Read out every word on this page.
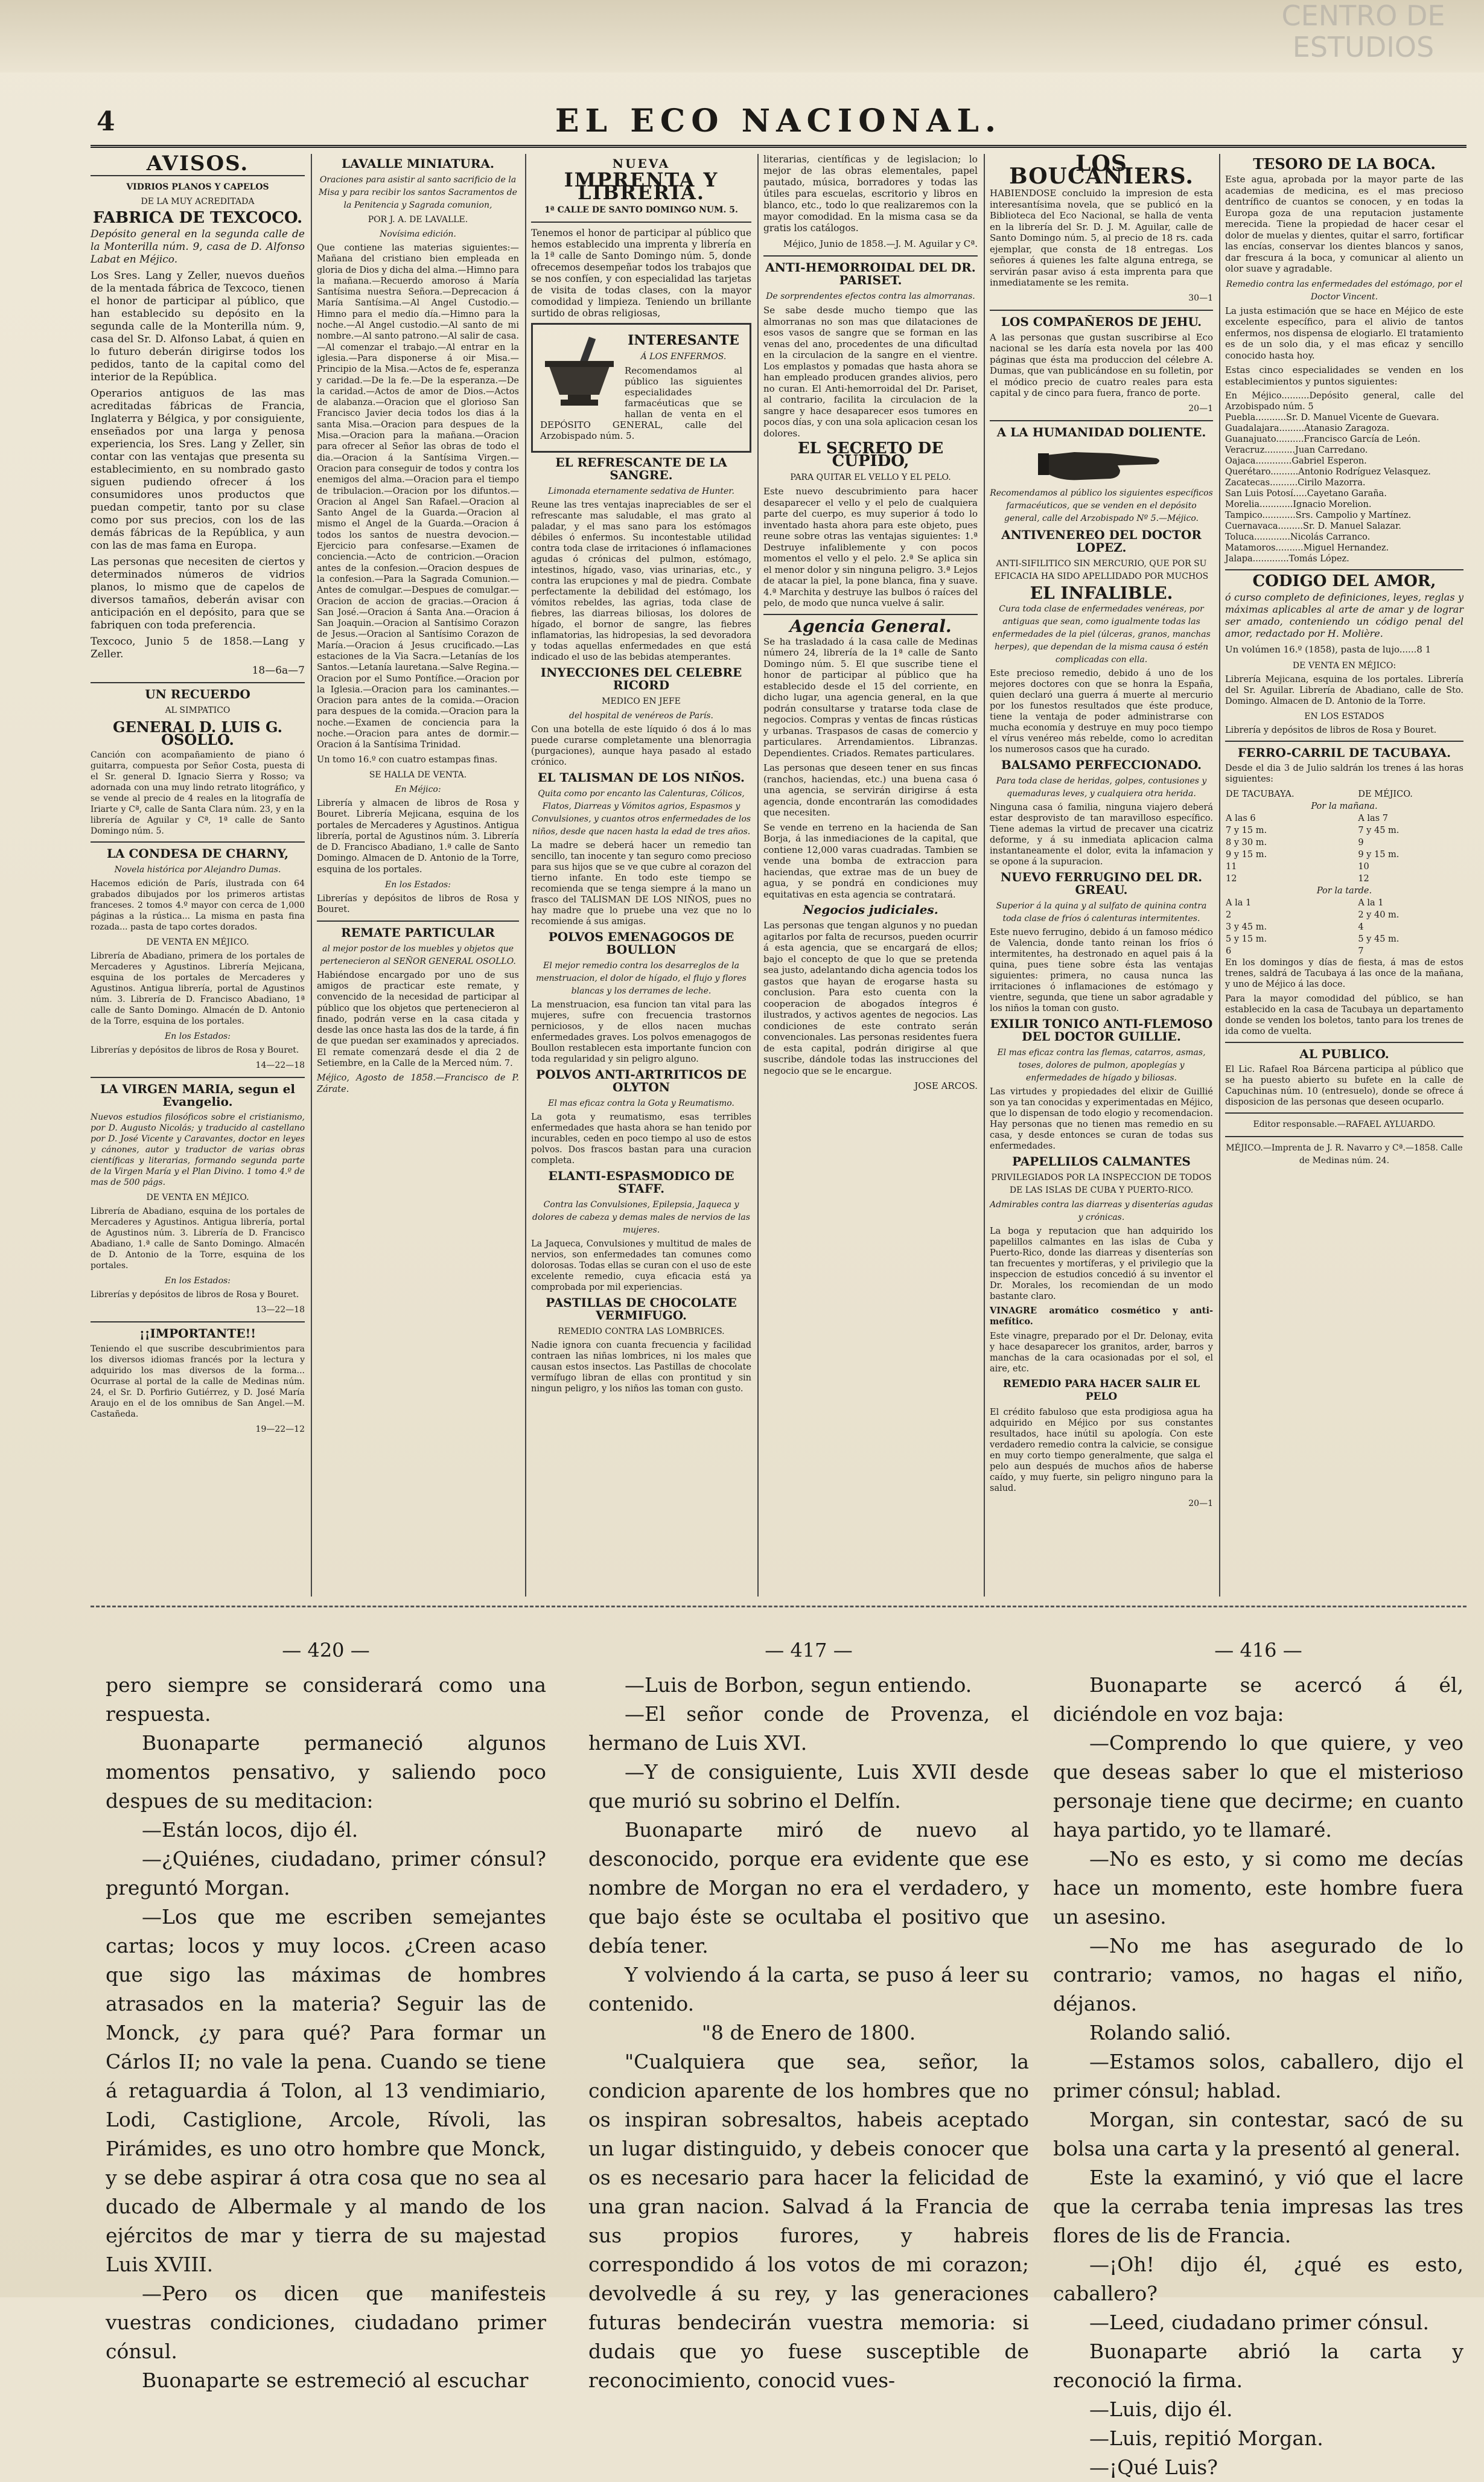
CENTRO DE
ESTUDIOS
4	EL ECO NACIONAL.
AVISOS.
VIDRIOS PLANOS Y CAPELOS
DE LA MUY ACREDITADA
FABRICA DE TEXCOCO.

Depósito general en la segunda calle de la Monterilla núm. 9, casa de D. Alfonso Labat en Méjico.

Los Sres. Lang y Zeller, nuevos dueños de la mentada fábrica de Texcoco, tienen el honor de participar al público, que han establecido su depósito en la segunda calle de la Monterilla núm. 9, casa del Sr. D. Alfonso Labat, á quien en lo futuro deberán dirigirse todos los pedidos, tanto de la capital como del interior de la República.

Operarios antiguos de las mas acreditadas fábricas de Francia, Inglaterra y Bélgica, y por consiguiente, enseñados por una larga y penosa experiencia, los Sres. Lang y Zeller, sin contar con las ventajas que presenta su establecimiento, en su nombrado gasto siguen pudiendo ofrecer á los consumidores unos productos que puedan competir, tanto por su clase como por sus precios, con los de las demás fábricas de la República, y aun con las de mas fama en Europa.

Las personas que necesiten de ciertos y determinados números de vidrios planos, lo mismo que de capelos de diversos tamaños, deberán avisar con anticipación en el depósito, para que se fabriquen con toda preferencia.

Texcoco, Junio 5 de 1858.—Lang y Zeller.

18—6a—7
UN RECUERDO
AL SIMPATICO
GENERAL D. LUIS G. OSOLLO.

Canción con acompañamiento de piano ó guitarra, compuesta por Señor Costa, puesta di el Sr. general D. Ignacio Sierra y Rosso; va adornada con una muy lindo retrato litográfico, y se vende al precio de 4 reales en la litografía de Iriarte y Cª, calle de Santa Clara núm. 23, y en la librería de Aguilar y Cª, 1ª calle de Santo Domingo núm. 5.

LA CONDESA DE CHARNY,
Novela histórica por Alejandro Dumas.

Hacemos edición de París, ilustrada con 64 grabados dibujados por los primeros artistas franceses. 2 tomos 4.º mayor con cerca de 1,000 páginas a la rústica... La misma en pasta fina rozada... pasta de tapo cortes dorados.

DE VENTA EN MÉJICO.

Librería de Abadiano, primera de los portales de Mercaderes y Agustinos. Librería Mejicana, esquina de los portales de Mercaderes y Agustinos. Antigua librería, portal de Agustinos núm. 3. Librería de D. Francisco Abadiano, 1ª calle de Santo Domingo. Almacén de D. Antonio de la Torre, esquina de los portales.

En los Estados:

Librerías y depósitos de libros de Rosa y Bouret.

14—22—18
LA VIRGEN MARIA, segun el Evangelio.

Nuevos estudios filosóficos sobre el cristianismo, por D. Augusto Nicolás; y traducido al castellano por D. José Vicente y Caravantes, doctor en leyes y cánones, autor y traductor de varias obras científicas y literarias, formando segunda parte de la Virgen María y el Plan Divino. 1 tomo 4.º de mas de 500 págs.

DE VENTA EN MÉJICO.

Librería de Abadiano, esquina de los portales de Mercaderes y Agustinos. Antigua librería, portal de Agustinos núm. 3. Librería de D. Francisco Abadiano, 1.ª calle de Santo Domingo. Almacén de D. Antonio de la Torre, esquina de los portales.

En los Estados:

Librerías y depósitos de libros de Rosa y Bouret.

13—22—18
¡¡IMPORTANTE!!

Teniendo el que suscribe descubrimientos para los diversos idiomas francés por la lectura y adquirido los mas diversos de la forma... Ocurrase al portal de la calle de Medinas núm. 24, el Sr. D. Porfirio Gutiérrez, y D. José María Araujo en el de los omnibus de San Angel.—M. Castañeda.

19—22—12
LAVALLE MINIATURA.
Oraciones para asistir al santo sacrificio de la Misa y para recibir los santos Sacramentos de la Penitencia y Sagrada comunion,
POR J. A. DE LAVALLE.
Novísima edición.

Que contiene las materias siguientes:—Mañana del cristiano bien empleada en gloria de Dios y dicha del alma.—Himno para la mañana.—Recuerdo amoroso á María Santísima nuestra Señora.—Deprecacion á María Santísima.—Al Angel Custodio.—Himno para el medio día.—Himno para la noche.—Al Angel custodio.—Al santo de mi nombre.—Al santo patrono.—Al salir de casa.—Al comenzar el trabajo.—Al entrar en la iglesia.—Para disponerse á oir Misa.—Principio de la Misa.—Actos de fe, esperanza y caridad.—De la fe.—De la esperanza.—De la caridad.—Actos de amor de Dios.—Actos de alabanza.—Oracion que el glorioso San Francisco Javier decia todos los dias á la santa Misa.—Oracion para despues de la Misa.—Oracion para la mañana.—Oracion para ofrecer al Señor las obras de todo el dia.—Oracion á la Santísima Virgen.—Oracion para conseguir de todos y contra los enemigos del alma.—Oracion para el tiempo de tribulacion.—Oracion por los difuntos.—Oracion al Angel San Rafael.—Oracion al Santo Angel de la Guarda.—Oracion al mismo el Angel de la Guarda.—Oracion á todos los santos de nuestra devocion.—Ejercicio para confesarse.—Examen de conciencia.—Acto de contricion.—Oracion antes de la confesion.—Oracion despues de la confesion.—Para la Sagrada Comunion.—Antes de comulgar.—Despues de comulgar.—Oracion de accion de gracias.—Oracion á San José.—Oracion á Santa Ana.—Oracion á San Joaquin.—Oracion al Santísimo Corazon de Jesus.—Oracion al Santísimo Corazon de María.—Oracion á Jesus crucificado.—Las estaciones de la Via Sacra.—Letanías de los Santos.—Letanía lauretana.—Salve Regina.—Oracion por el Sumo Pontífice.—Oracion por la Iglesia.—Oracion para los caminantes.—Oracion para antes de la comida.—Oracion para despues de la comida.—Oracion para la noche.—Examen de conciencia para la noche.—Oracion para antes de dormir.—Oracion á la Santísima Trinidad.

Un tomo 16.º con cuatro estampas finas.

SE HALLA DE VENTA.
En Méjico:

Librería y almacen de libros de Rosa y Bouret. Librería Mejicana, esquina de los portales de Mercaderes y Agustinos. Antigua librería, portal de Agustinos núm. 3. Librería de D. Francisco Abadiano, 1.ª calle de Santo Domingo. Almacen de D. Antonio de la Torre, esquina de los portales.

En los Estados:

Librerías y depósitos de libros de Rosa y Bouret.

REMATE PARTICULAR
al mejor postor de los muebles y objetos que pertenecieron al SEÑOR GENERAL OSOLLO.

Habiéndose encargado por uno de sus amigos de practicar este remate, y convencido de la necesidad de participar al público que los objetos que pertenecieron al finado, podrán verse en la casa citada y desde las once hasta las dos de la tarde, á fin de que puedan ser examinados y apreciados. El remate comenzará desde el dia 2 de Setiembre, en la Calle de la Merced núm. 7.

Méjico, Agosto de 1858.—Francisco de P. Zárate.

NUEVA
IMPRENTA Y LIBRERIA.
1ª CALLE DE SANTO DOMINGO NUM. 5.

Tenemos el honor de participar al público que hemos establecido una imprenta y librería en la 1ª calle de Santo Domingo núm. 5, donde ofrecemos desempeñar todos los trabajos que se nos confíen, y con especialidad las tarjetas de visita de todas clases, con la mayor comodidad y limpieza. Teniendo un brillante surtido de obras religiosas,

INTERESANTE
Á LOS ENFERMOS.

Recomendamos al público las siguientes especialidades farmacéuticas que se hallan de venta en el DEPÓSITO GENERAL, calle del Arzobispado núm. 5.

EL REFRESCANTE DE LA SANGRE.
Limonada eternamente sedativa de Hunter.

Reune las tres ventajas inapreciables de ser el refrescante mas saludable, el mas grato al paladar, y el mas sano para los estómagos débiles ó enfermos. Su incontestable utilidad contra toda clase de irritaciones ó inflamaciones agudas ó crónicas del pulmon, estómago, intestinos, hígado, vaso, vias urinarias, etc., y contra las erupciones y mal de piedra. Combate perfectamente la debilidad del estómago, los vómitos rebeldes, las agrias, toda clase de fiebres, las diarreas biliosas, los dolores de hígado, el bornor de sangre, las fiebres inflamatorias, las hidropesias, la sed devoradora y todas aquellas enfermedades en que está indicado el uso de las bebidas atemperantes.

INYECCIONES DEL CELEBRE RICORD
MEDICO EN JEFE
del hospital de venéreos de París.

Con una botella de este líquido ó dos á lo mas puede curarse completamente una blenorragia (purgaciones), aunque haya pasado al estado crónico.

EL TALISMAN DE LOS NIÑOS.
Quita como por encanto las Calenturas, Cólicos, Flatos, Diarreas y Vómitos agrios, Espasmos y Convulsiones, y cuantos otros enfermedades de los niños, desde que nacen hasta la edad de tres años.

La madre se deberá hacer un remedio tan sencillo, tan inocente y tan seguro como precioso para sus hijos que se ve que cubre al corazon del tierno infante. En todo este tiempo se recomienda que se tenga siempre á la mano un frasco del TALISMAN DE LOS NIÑOS, pues no hay madre que lo pruebe una vez que no lo recomiende á sus amigas.

POLVOS EMENAGOGOS DE BOULLON
El mejor remedio contra los desarreglos de la menstruacion, el dolor de hígado, el flujo y flores blancas y los derrames de leche.

La menstruacion, esa funcion tan vital para las mujeres, sufre con frecuencia trastornos perniciosos, y de ellos nacen muchas enfermedades graves. Los polvos emenagogos de Boullon restablecen esta importante funcion con toda regularidad y sin peligro alguno.

POLVOS ANTI-ARTRITICOS DE OLYTON
El mas eficaz contra la Gota y Reumatismo.

La gota y reumatismo, esas terribles enfermedades que hasta ahora se han tenido por incurables, ceden en poco tiempo al uso de estos polvos. Dos frascos bastan para una curacion completa.

ELANTI-ESPASMODICO DE STAFF.
Contra las Convulsiones, Epilepsia, Jaqueca y dolores de cabeza y demas males de nervios de las mujeres.

La Jaqueca, Convulsiones y multitud de males de nervios, son enfermedades tan comunes como dolorosas. Todas ellas se curan con el uso de este excelente remedio, cuya eficacia está ya comprobada por mil experiencias.

PASTILLAS DE CHOCOLATE VERMIFUGO.
REMEDIO CONTRA LAS LOMBRICES.

Nadie ignora con cuanta frecuencia y facilidad contraen las niñas lombrices, ni los males que causan estos insectos. Las Pastillas de chocolate vermífugo libran de ellas con prontitud y sin ningun peligro, y los niños las toman con gusto.

literarias, científicas y de legislacion; lo mejor de las obras elementales, papel pautado, música, borradores y todas las útiles para escuelas, escritorio y libros en blanco, etc., todo lo que realizaremos con la mayor comodidad. En la misma casa se da gratis los catálogos.

Méjico, Junio de 1858.—J. M. Aguilar y Cª.

ANTI-HEMORROIDAL DEL DR. PARISET.
De sorprendentes efectos contra las almorranas.

Se sabe desde mucho tiempo que las almorranas no son mas que dilataciones de esos vasos de sangre que se forman en las venas del ano, procedentes de una dificultad en la circulacion de la sangre en el vientre. Los emplastos y pomadas que hasta ahora se han empleado producen grandes alivios, pero no curan. El Anti-hemorroidal del Dr. Pariset, al contrario, facilita la circulacion de la sangre y hace desaparecer esos tumores en pocos días, y con una sola aplicacion cesan los dolores.

EL SECRETO DE CUPIDO,
PARA QUITAR EL VELLO Y EL PELO.

Este nuevo descubrimiento para hacer desaparecer el vello y el pelo de cualquiera parte del cuerpo, es muy superior á todo lo inventado hasta ahora para este objeto, pues reune sobre otras las ventajas siguientes: 1.ª Destruye infaliblemente y con pocos momentos el vello y el pelo. 2.ª Se aplica sin el menor dolor y sin ninguna peligro. 3.ª Lejos de atacar la piel, la pone blanca, fina y suave. 4.ª Marchita y destruye las bulbos ó raíces del pelo, de modo que nunca vuelve á salir.

Agencia General.

Se ha trasladado á la casa calle de Medinas número 24, librería de la 1ª calle de Santo Domingo núm. 5. El que suscribe tiene el honor de participar al público que ha establecido desde el 15 del corriente, en dicho lugar, una agencia general, en la que podrán consultarse y tratarse toda clase de negocios. Compras y ventas de fincas rústicas y urbanas. Traspasos de casas de comercio y particulares. Arrendamientos. Libranzas. Dependientes. Criados. Remates particulares.

Las personas que deseen tener en sus fincas (ranchos, haciendas, etc.) una buena casa ó una agencia, se servirán dirigirse á esta agencia, donde encontrarán las comodidades que necesiten.

Se vende en terreno en la hacienda de San Borja, á las inmediaciones de la capital, que contiene 12,000 varas cuadradas. Tambien se vende una bomba de extraccion para haciendas, que extrae mas de un buey de agua, y se pondrá en condiciones muy equitativas en esta agencia se contratará.

Negocios judiciales.

Las personas que tengan algunos y no puedan agitarlos por falta de recursos, pueden ocurrir á esta agencia, que se encargará de ellos; bajo el concepto de que lo que se pretenda sea justo, adelantando dicha agencia todos los gastos que hayan de erogarse hasta su conclusion. Para esto cuenta con la cooperacion de abogados íntegros é ilustrados, y activos agentes de negocios. Las condiciones de este contrato serán convencionales. Las personas residentes fuera de esta capital, podrán dirigirse al que suscribe, dándole todas las instrucciones del negocio que se le encargue.

JOSE ARCOS.

LOS BOUCANIERS.

HABIENDOSE concluido la impresion de esta interesantísima novela, que se publicó en la Biblioteca del Eco Nacional, se halla de venta en la librería del Sr. D. J. M. Aguilar, calle de Santo Domingo núm. 5, al precio de 18 rs. cada ejemplar, que consta de 18 entregas. Los señores á quienes les falte alguna entrega, se servirán pasar aviso á esta imprenta para que inmediatamente se les remita.

30—1
LOS COMPAÑEROS DE JEHU.

A las personas que gustan suscribirse al Eco nacional se les daría esta novela por las 400 páginas que ésta ma produccion del célebre A. Dumas, que van publicándose en su folletin, por el módico precio de cuatro reales para esta capital y de cinco para fuera, franco de porte.

20—1
A LA HUMANIDAD DOLIENTE.
Recomendamos al público los siguientes específicos farmacéuticos, que se venden en el depósito general, calle del Arzobispado Nº 5.—Méjico.
ANTIVENEREO DEL DOCTOR LOPEZ.
ANTI-SIFILITICO SIN MERCURIO, QUE POR SU EFICACIA HA SIDO APELLIDADO POR MUCHOS
EL INFALIBLE.
Cura toda clase de enfermedades venéreas, por antiguas que sean, como igualmente todas las enfermedades de la piel (úlceras, granos, manchas herpes), que dependan de la misma causa ó estén complicadas con ella.

Este precioso remedio, debido á uno de los mejores doctores con que se honra la España, quien declaró una guerra á muerte al mercurio por los funestos resultados que éste produce, tiene la ventaja de poder administrarse con mucha economía y destruye en muy poco tiempo el vírus venéreo más rebelde, como lo acreditan los numerosos casos que ha curado.

BALSAMO PERFECCIONADO.
Para toda clase de heridas, golpes, contusiones y quemaduras leves, y cualquiera otra herida.

Ninguna casa ó familia, ninguna viajero deberá estar desprovisto de tan maravilloso específico. Tiene ademas la virtud de precaver una cicatriz deforme, y á su inmediata aplicacion calma instantaneamente el dolor, evita la infamacion y se opone á la supuracion.

NUEVO FERRUGINO DEL DR. GREAU.
Superior á la quina y al sulfato de quinina contra toda clase de fríos ó calenturas intermitentes.

Este nuevo ferrugino, debido á un famoso médico de Valencia, donde tanto reinan los fríos ó intermitentes, ha destronado en aquel pais á la quina, pues tiene sobre ésta las ventajas siguientes: primera, no causa nunca las irritaciones ó inflamaciones de estómago y vientre, segunda, que tiene un sabor agradable y los niños la toman con gusto.

EXILIR TONICO ANTI-FLEMOSO DEL DOCTOR GUILLIE.
El mas eficaz contra las flemas, catarros, asmas, toses, dolores de pulmon, apoplegías y enfermedades de hígado y biliosas.

Las virtudes y propiedades del elixir de Guillié son ya tan conocidas y experimentadas en Méjico, que lo dispensan de todo elogio y recomendacion. Hay personas que no tienen mas remedio en su casa, y desde entonces se curan de todas sus enfermedades.

PAPELLILOS CALMANTES
PRIVILEGIADOS POR LA INSPECCION DE TODOS DE LAS ISLAS DE CUBA Y PUERTO-RICO.
Admirables contra las diarreas y disenterías agudas y crónicas.

La boga y reputacion que han adquirido los papelillos calmantes en las islas de Cuba y Puerto-Rico, donde las diarreas y disenterías son tan frecuentes y mortíferas, y el privilegio que la inspeccion de estudios concedió á su inventor el Dr. Morales, los recomiendan de un modo bastante claro.

VINAGRE aromático cosmético y anti-mefítico.

Este vinagre, preparado por el Dr. Delonay, evita y hace desaparecer los granitos, arder, barros y manchas de la cara ocasionadas por el sol, el aire, etc.

REMEDIO PARA HACER SALIR EL PELO

El crédito fabuloso que esta prodigiosa agua ha adquirido en Méjico por sus constantes resultados, hace inútil su apología. Con este verdadero remedio contra la calvicie, se consigue en muy corto tiempo generalmente, que salga el pelo aun después de muchos años de haberse caído, y muy fuerte, sin peligro ninguno para la salud.

20—1
TESORO DE LA BOCA.

Este agua, aprobada por la mayor parte de las academias de medicina, es el mas precioso dentrífico de cuantos se conocen, y en todas la Europa goza de una reputacion justamente merecida. Tiene la propiedad de hacer cesar el dolor de muelas y dientes, quitar el sarro, fortificar las encías, conservar los dientes blancos y sanos, dar frescura á la boca, y comunicar al aliento un olor suave y agradable.

Remedio contra las enfermedades del estómago, por el Doctor Vincent.

La justa estimación que se hace en Méjico de este excelente específico, para el alivio de tantos enfermos, nos dispensa de elogiarlo. El tratamiento es de un solo dia, y el mas eficaz y sencillo conocido hasta hoy.

Estas cinco especialidades se venden en los establecimientos y puntos siguientes:

En Méjico..........Depósito general, calle del Arzobispado núm. 5
Puebla...........Sr. D. Manuel Vicente de Guevara.
Guadalajara.........Atanasio Zaragoza.
Guanajuato..........Francisco García de León.
Veracruz...........Juan Carredano.
Oajaca.............Gabriel Esperon.
Querétaro..........Antonio Rodríguez Velasquez.
Zacatecas..........Cirilo Mazorra.
San Luis Potosí.....Cayetano Garaña.
Morelia............Ignacio Morelion.
Tampico............Srs. Campolio y Martínez.
Cuernavaca.........Sr. D. Manuel Salazar.
Toluca.............Nicolás Carranco.
Matamoros..........Miguel Hernandez.
Jalapa.............Tomás López.
CODIGO DEL AMOR,

ó curso completo de definiciones, leyes, reglas y máximas aplicables al arte de amar y de lograr ser amado, conteniendo un código penal del amor, redactado por H. Molière.

Un volúmen 16.º (1858), pasta de lujo......8 1

DE VENTA EN MÉJICO:

Librería Mejicana, esquina de los portales. Librería del Sr. Aguilar. Librería de Abadiano, calle de Sto. Domingo. Almacen de D. Antonio de la Torre.

EN LOS ESTADOS

Librería y depósitos de libros de Rosa y Bouret.

FERRO-CARRIL DE TACUBAYA.

Desde el dia 3 de Julio saldrán los trenes á las horas siguientes:

DE TACUBAYA.	DE MÉJICO.
Por la mañana.	
A las 6	A las 7
7 y 15 m.	7 y 45 m.
8 y 30 m.	9
9 y 15 m.	9 y 15 m.
11	10
12	12
Por la tarde.	
A la 1	A la 1
2	2 y 40 m.
3 y 45 m.	4
5 y 15 m.	5 y 45 m.
6	7

En los domingos y días de fiesta, á mas de estos trenes, saldrá de Tacubaya á las once de la mañana, y uno de Méjico á las doce.

Para la mayor comodidad del público, se han establecido en la casa de Tacubaya un departamento donde se venden los boletos, tanto para los trenes de ida como de vuelta.

AL PUBLICO.

El Lic. Rafael Roa Bárcena participa al público que se ha puesto abierto su bufete en la calle de Capuchinas núm. 10 (entresuelo), donde se ofrece á disposicion de las personas que deseen ocuparlo.

Editor responsable.—RAFAEL AYLUARDO.
MÉJICO.—Imprenta de J. R. Navarro y Cª.—1858. Calle de Medinas núm. 24.
— 420 —

pero siempre se considerará como una respuesta.

Buonaparte permaneció algunos momentos pensativo, y saliendo poco despues de su meditacion:

—Están locos, dijo él.

—¿Quiénes, ciudadano, primer cónsul? preguntó Morgan.

—Los que me escriben semejantes cartas; locos y muy locos. ¿Creen acaso que sigo las máximas de hombres atrasados en la materia? Seguir las de Monck, ¿y para qué? Para formar un Cárlos II; no vale la pena. Cuando se tiene á retaguardia á Tolon, al 13 vendimiario, Lodi, Castiglione, Arcole, Rívoli, las Pirámides, es uno otro hombre que Monck, y se debe aspirar á otra cosa que no sea al ducado de Albermale y al mando de los ejércitos de mar y tierra de su majestad Luis XVIII.

—Pero os dicen que manifesteis vuestras condiciones, ciudadano primer cónsul.

Buonaparte se estremeció al escuchar

— 417 —

—Luis de Borbon, segun entiendo.

—El señor conde de Provenza, el hermano de Luis XVI.

—Y de consiguiente, Luis XVII desde que murió su sobrino el Delfín.

Buonaparte miró de nuevo al desconocido, porque era evidente que ese nombre de Morgan no era el verdadero, y que bajo éste se ocultaba el positivo que debía tener.

Y volviendo á la carta, se puso á leer su contenido.

"8 de Enero de 1800.

"Cualquiera que sea, señor, la condicion aparente de los hombres que no os inspiran sobresaltos, habeis aceptado un lugar distinguido, y debeis conocer que os es necesario para hacer la felicidad de una gran nacion. Salvad á la Francia de sus propios furores, y habreis correspondido á los votos de mi corazon; devolvedle á su rey, y las generaciones futuras bendecirán vuestra memoria: si dudais que yo fuese susceptible de reconocimiento, conocid vues-

— 416 —

Buonaparte se acercó á él, diciéndole en voz baja:

—Comprendo lo que quiere, y veo que deseas saber lo que el misterioso personaje tiene que decirme; en cuanto haya partido, yo te llamaré.

—No es esto, y si como me decías hace un momento, este hombre fuera un asesino.

—No me has asegurado de lo contrario; vamos, no hagas el niño, déjanos.

Rolando salió.

—Estamos solos, caballero, dijo el primer cónsul; hablad.

Morgan, sin contestar, sacó de su bolsa una carta y la presentó al general.

Este la examinó, y vió que el lacre que la cerraba tenia impresas las tres flores de lis de Francia.

—¡Oh! dijo él, ¿qué es esto, caballero?

—Leed, ciudadano primer cónsul.

Buonaparte abrió la carta y reconoció la firma.

—Luis, dijo él.

—Luis, repitió Morgan.

—¡Qué Luis?
